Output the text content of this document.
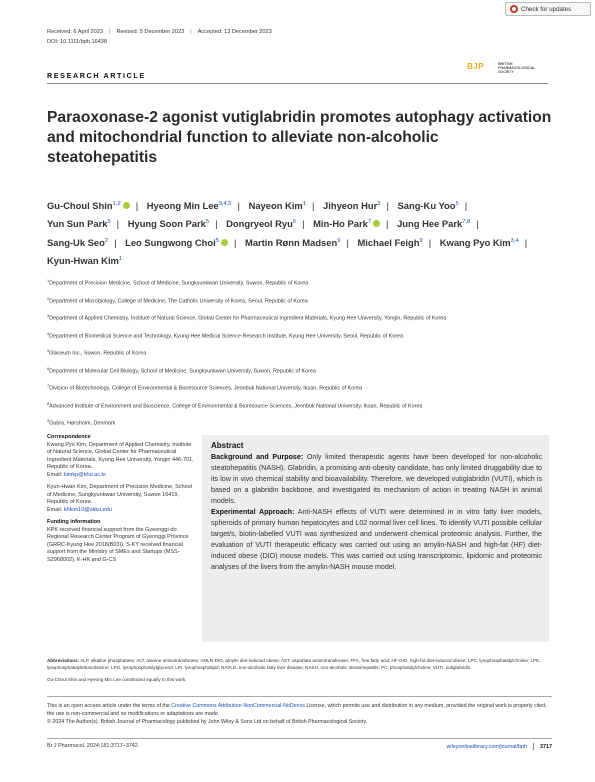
Check for updates
Received: 6 April 2023 | Revised: 5 December 2023 | Accepted: 13 December 2023
DOI: 10.1111/bph.16438
RESEARCH ARTICLE
BJP	BRITISH PHARMACOLOGICAL SOCIETY
Paraoxonase-2 agonist vutiglabridin promotes autophagy activation and mitochondrial function to alleviate non-alcoholic steatohepatitis
Gu-Choul Shin$^{1,2}$ | Hyeong Min Lee$^{3,4,5}$ | Nayeon Kim$^1$ | Jihyeon Hur$^3$ | Sang-Ku Yoo$^5$ | Yun Sun Park$^5$ | Hyung Soon Park$^5$ | Dongryeol Ryu$^6$ | Min-Ho Park$^7$ | Jung Hee Park$^{7,8}$ | Sang-Uk Seo$^2$ | Leo Sungwong Choi$^5$ | Martin Rønn Madsen$^9$ | Michael Feigh$^9$ | Kwang Pyo Kim$^{3,4}$ | Kyun-Hwan Kim$^1$
$^1$Department of Precision Medicine, School of Medicine, Sungkyunkwan University, Suwon, Republic of Korea
$^2$Department of Microbiology, College of Medicine, The Catholic University of Korea, Seoul, Republic of Korea
$^3$Department of Applied Chemistry, Institute of Natural Science, Global Center for Pharmaceutical Ingredient Materials, Kyung Hee University, Yongin, Republic of Korea
$^4$Department of Biomedical Science and Technology, Kyung Hee Medical Science Research Institute, Kyung Hee University, Seoul, Republic of Korea
$^5$Glaceum Inc., Suwon, Republic of Korea
$^6$Department of Molecular Cell Biology, School of Medicine, Sungkyunkwan University, Suwon, Republic of Korea
$^7$Division of Biotechnology, College of Environmental & Bioresource Sciences, Jeonbuk National University, Iksan, Republic of Korea
$^8$Advanced Institute of Environment and Bioscience, College of Environmental & Bioresource Sciences, Jeonbuk National University, Iksan, Republic of Korea
$^9$Gubra, Hørsholm, Denmark
Correspondence

Kwang Pyo Kim, Department of Applied Chemistry, Institute of Natural Science, Global Center for Pharmaceutical Ingredient Materials, Kyung Hee University, Yongin 446-701, Republic of Korea.
Email: kimkp@khu.ac.kr

Kyun-Hwan Kim, Department of Precision Medicine, School of Medicine, Sungkyunkwan University, Suwon 16419, Republic of Korea.
Email: khkim10@skku.edu

Funding information

KPK received financial support from the Gyeonggi-do Regional Research Center Program of Gyeonggi Province (GRRC-Kyung Hee 2018(B03)). S-KY received financial support from the Ministry of SMEs and Startups (MSS-S2968002). K-HK and G-CS

Abstract
Background and Purpose: Only limited therapeutic agents have been developed for non-alcoholic steatohepatitis (NASH). Glabridin, a promising anti-obesity candidate, has only limited druggability due to its low in vivo chemical stability and bioavailability. Therefore, we developed vutiglabridin (VUTI), which is based on a glabridin backbone, and investigated its mechanism of action in treating NASH in animal models.
Experimental Approach: Anti-NASH effects of VUTI were determined in in vitro fatty liver models, spheroids of primary human hepatocytes and L02 normal liver cell lines. To identify VUTI possible cellular target/s, biotin-labelled VUTI was synthesized and underwent chemical proteomic analysis. Further, the evaluation of VUTI therapeutic efficacy was carried out using an amylin-NASH and high-fat (HF) diet-induced obese (DIO) mouse models. This was carried out using transcriptomic, lipidomic and proteomic analyses of the livers from the amylin-NASH mouse model.
Abbreviations: ALP, alkaline phosphatase; ALT, alanine aminotransferase; AMLN-DIO, amylin diet-induced obese; AST, aspartate aminotransferase; FFA, free fatty acid; HF-DIO, high-fat diet-induced obese; LPC, lysophosphatidylcholine; LPE, lysophosphatidylethanolamine; LPG, lysophosphatidylglycerol; LPI, lysophospholipid; NAFLD, non-alcoholic fatty liver disease; NASH, non-alcoholic steatohepatitis; PC, phosphatidylcholine; VUTI, vutiglabridin.
Gu-Choul Shin and Hyeong Min Lee contributed equally to this work.
This is an open access article under the terms of the Creative Commons Attribution-NonCommercial-NoDerivs License, which permits use and distribution in any medium, provided the original work is properly cited, the use is non-commercial and no modifications or adaptations are made.
© 2024 The Author(s). British Journal of Pharmacology published by John Wiley & Sons Ltd on behalf of British Pharmacological Society.
Br J Pharmacol. 2024;181:3717–3742.	wileyonlinelibrary.com/journal/bph 3717
